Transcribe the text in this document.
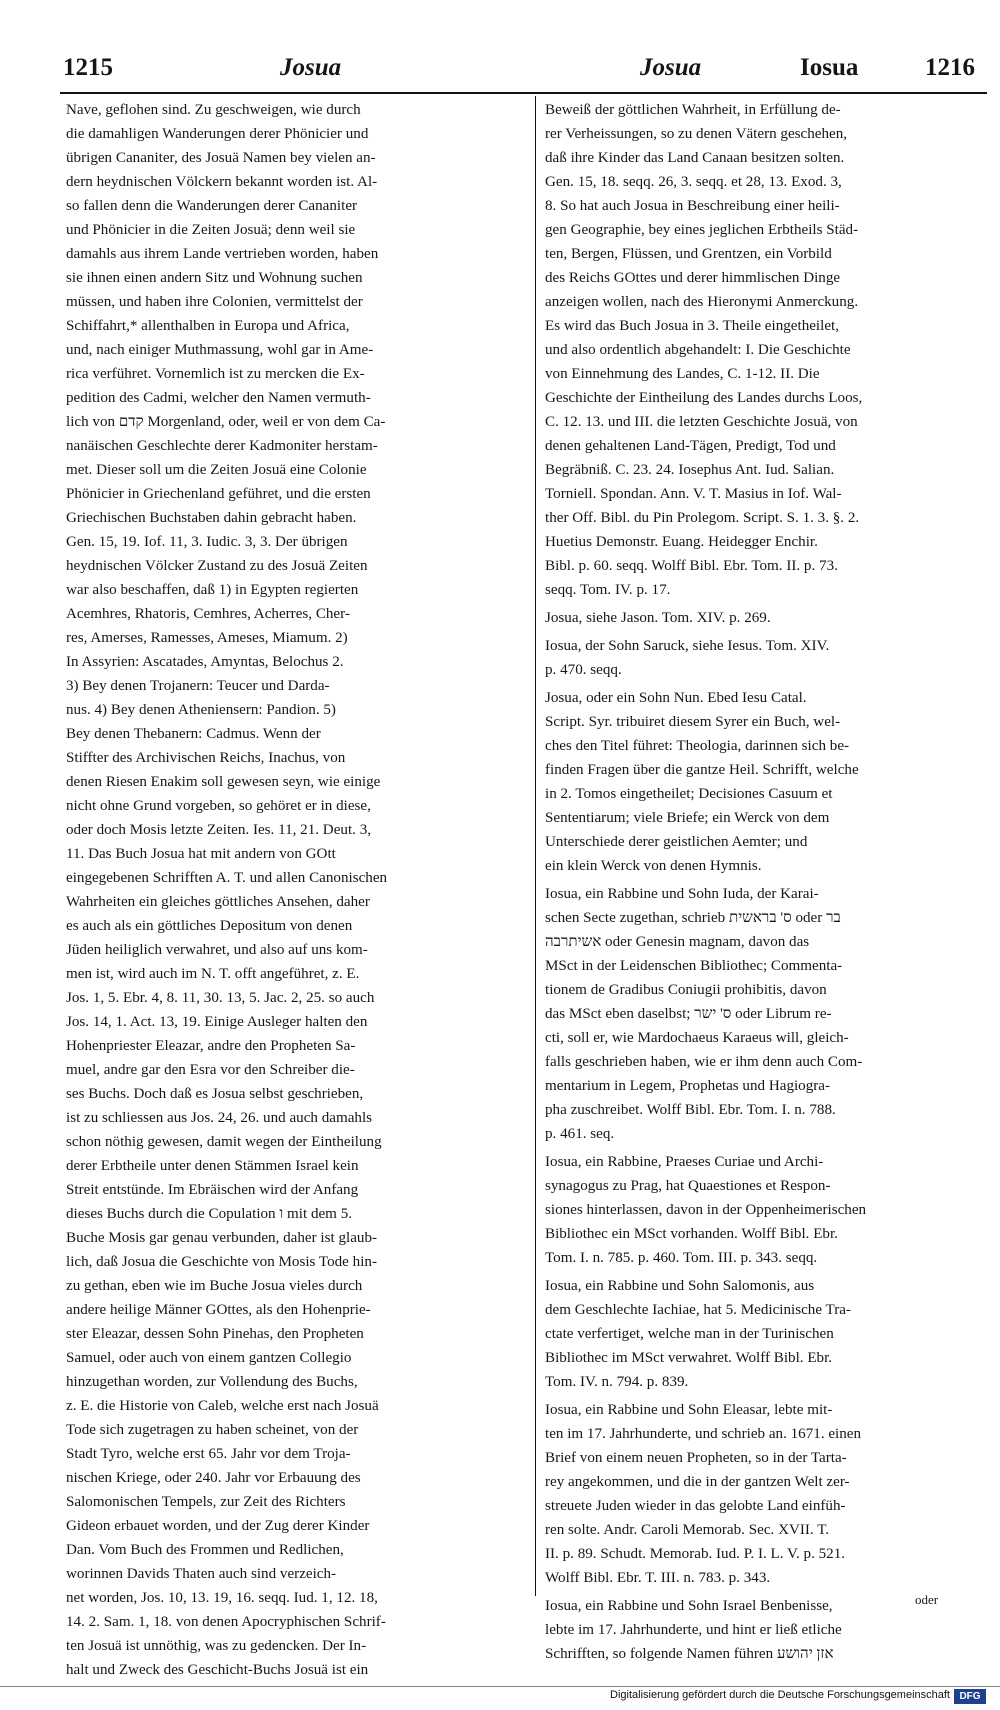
1215	Josua	Josua	Iosua	1216
Nave, geflohen sind. Zu geschweigen, wie durch
die damahligen Wanderungen derer Phönicier und
übrigen Cananiter, des Josuä Namen bey vielen an-
dern heydnischen Völckern bekannt worden ist. Al-
so fallen denn die Wanderungen derer Cananiter
und Phönicier in die Zeiten Josuä; denn weil sie
damahls aus ihrem Lande vertrieben worden, haben
sie ihnen einen andern Sitz und Wohnung suchen
müssen, und haben ihre Colonien, vermittelst der
Schiffahrt,* allenthalben in Europa und Africa,
und, nach einiger Muthmassung, wohl gar in Ame-
rica verführet. Vornemlich ist zu mercken die Ex-
pedition des Cadmi, welcher den Namen vermuth-
lich von קדם Morgenland, oder, weil er von dem Ca-
nanäischen Geschlechte derer Kadmoniter herstam-
met. Dieser soll um die Zeiten Josuä eine Colonie
Phönicier in Griechenland geführet, und die ersten
Griechischen Buchstaben dahin gebracht haben.
Gen. 15, 19. Iof. 11, 3. Iudic. 3, 3. Der übrigen
heydnischen Völcker Zustand zu des Josuä Zeiten
war also beschaffen, daß 1) in Egypten regierten
Acemhres, Rhatoris, Cemhres, Acherres, Cher-
res, Amerses, Ramesses, Ameses, Miamum. 2)
In Assyrien: Ascatades, Amyntas, Belochus 2.
3) Bey denen Trojanern: Teucer und Darda-
nus. 4) Bey denen Atheniensern: Pandion. 5)
Bey denen Thebanern: Cadmus. Wenn der
Stiffter des Archivischen Reichs, Inachus, von
denen Riesen Enakim soll gewesen seyn, wie einige
nicht ohne Grund vorgeben, so gehöret er in diese,
oder doch Mosis letzte Zeiten. Ies. 11, 21. Deut. 3,
11. Das Buch Josua hat mit andern von GOtt
eingegebenen Schrifften A. T. und allen Canonischen
Wahrheiten ein gleiches göttliches Ansehen, daher
es auch als ein göttliches Depositum von denen
Jüden heiliglich verwahret, und also auf uns kom-
men ist, wird auch im N. T. offt angeführet, z. E.
Jos. 1, 5. Ebr. 4, 8. 11, 30. 13, 5. Jac. 2, 25. so auch
Jos. 14, 1. Act. 13, 19. Einige Ausleger halten den
Hohenpriester Eleazar, andre den Propheten Sa-
muel, andre gar den Esra vor den Schreiber die-
ses Buchs. Doch daß es Josua selbst geschrieben,
ist zu schliessen aus Jos. 24, 26. und auch damahls
schon nöthig gewesen, damit wegen der Eintheilung
derer Erbtheile unter denen Stämmen Israel kein
Streit entstünde. Im Ebräischen wird der Anfang
dieses Buchs durch die Copulation ו mit dem 5.
Buche Mosis gar genau verbunden, daher ist glaub-
lich, daß Josua die Geschichte von Mosis Tode hin-
zu gethan, eben wie im Buche Josua vieles durch
andere heilige Männer GOttes, als den Hohenprie-
ster Eleazar, dessen Sohn Pinehas, den Propheten
Samuel, oder auch von einem gantzen Collegio
hinzugethan worden, zur Vollendung des Buchs,
z. E. die Historie von Caleb, welche erst nach Josuä
Tode sich zugetragen zu haben scheinet, von der
Stadt Tyro, welche erst 65. Jahr vor dem Troja-
nischen Kriege, oder 240. Jahr vor Erbauung des
Salomonischen Tempels, zur Zeit des Richters
Gideon erbauet worden, und der Zug derer Kinder
Dan. Vom Buch des Frommen und Redlichen,
worinnen Davids Thaten auch sind verzeich-
net worden, Jos. 10, 13. 19, 16. seqq. Iud. 1, 12. 18,
14. 2. Sam. 1, 18. von denen Apocryphischen Schrif-
ten Josuä ist unnöthig, was zu gedencken. Der In-
halt und Zweck des Geschicht-Buchs Josuä ist ein
Beweiß der göttlichen Wahrheit, in Erfüllung de-
rer Verheissungen, so zu denen Vätern geschehen,
daß ihre Kinder das Land Canaan besitzen solten.
Gen. 15, 18. seqq. 26, 3. seqq. et 28, 13. Exod. 3,
8. So hat auch Josua in Beschreibung einer heili-
gen Geographie, bey eines jeglichen Erbtheils Städ-
ten, Bergen, Flüssen, und Grentzen, ein Vorbild
des Reichs GOttes und derer himmlischen Dinge
anzeigen wollen, nach des Hieronymi Anmerckung.
Es wird das Buch Josua in 3. Theile eingetheilet,
und also ordentlich abgehandelt: I. Die Geschichte
von Einnehmung des Landes, C. 1-12. II. Die
Geschichte der Eintheilung des Landes durchs Loos,
C. 12. 13. und III. die letzten Geschichte Josuä, von
denen gehaltenen Land-Tägen, Predigt, Tod und
Begräbniß. C. 23. 24. Iosephus Ant. Iud. Salian.
Torniell. Spondan. Ann. V. T. Masius in Iof. Wal-
ther Off. Bibl. du Pin Prolegom. Script. S. 1. 3. §. 2.
Huetius Demonstr. Euang. Heidegger Enchir.
Bibl. p. 60. seqq. Wolff Bibl. Ebr. Tom. II. p. 73.
seqq. Tom. IV. p. 17.
Josua, siehe Jason. Tom. XIV. p. 269.
Iosua, der Sohn Saruck, siehe Iesus. Tom. XIV.
p. 470. seqq.
Josua, oder ein Sohn Nun. Ebed Iesu Catal.
Script. Syr. tribuiret diesem Syrer ein Buch, wel-
ches den Titel führet: Theologia, darinnen sich be-
finden Fragen über die gantze Heil. Schrifft, welche
in 2. Tomos eingetheilet; Decisiones Casuum et
Sententiarum; viele Briefe; ein Werck von dem
Unterschiede derer geistlichen Aemter; und
ein klein Werck von denen Hymnis.
Iosua, ein Rabbine und Sohn Iuda, der Karai-
schen Secte zugethan, schrieb ס' בראשית oder בר
אשיתרבה oder Genesin magnam, davon das
MSct in der Leidenschen Bibliothec; Commenta-
tionem de Gradibus Coniugii prohibitis, davon
das MSct eben daselbst; ס' ישר oder Librum re-
cti, soll er, wie Mardochaeus Karaeus will, gleich-
falls geschrieben haben, wie er ihm denn auch Com-
mentarium in Legem, Prophetas und Hagiogra-
pha zuschreibet. Wolff Bibl. Ebr. Tom. I. n. 788.
p. 461. seq.
Iosua, ein Rabbine, Praeses Curiae und Archi-
synagogus zu Prag, hat Quaestiones et Respon-
siones hinterlassen, davon in der Oppenheimerischen
Bibliothec ein MSct vorhanden. Wolff Bibl. Ebr.
Tom. I. n. 785. p. 460. Tom. III. p. 343. seqq.
Iosua, ein Rabbine und Sohn Salomonis, aus
dem Geschlechte Iachiae, hat 5. Medicinische Tra-
ctate verfertiget, welche man in der Turinischen
Bibliothec im MSct verwahret. Wolff Bibl. Ebr.
Tom. IV. n. 794. p. 839.
Iosua, ein Rabbine und Sohn Eleasar, lebte mit-
ten im 17. Jahrhunderte, und schrieb an. 1671. einen
Brief von einem neuen Propheten, so in der Tarta-
rey angekommen, und die in der gantzen Welt zer-
streuete Juden wieder in das gelobte Land einfüh-
ren solte. Andr. Caroli Memorab. Sec. XVII. T.
II. p. 89. Schudt. Memorab. Iud. P. I. L. V. p. 521.
Wolff Bibl. Ebr. T. III. n. 783. p. 343.
Iosua, ein Rabbine und Sohn Israel Benbenisse,
lebte im 17. Jahrhunderte, und hint er ließ etliche
Schrifften, so folgende Namen führen אזן יהושע
oder
Digitalisierung gefördert durch die Deutsche Forschungsgemeinschaft DFG
